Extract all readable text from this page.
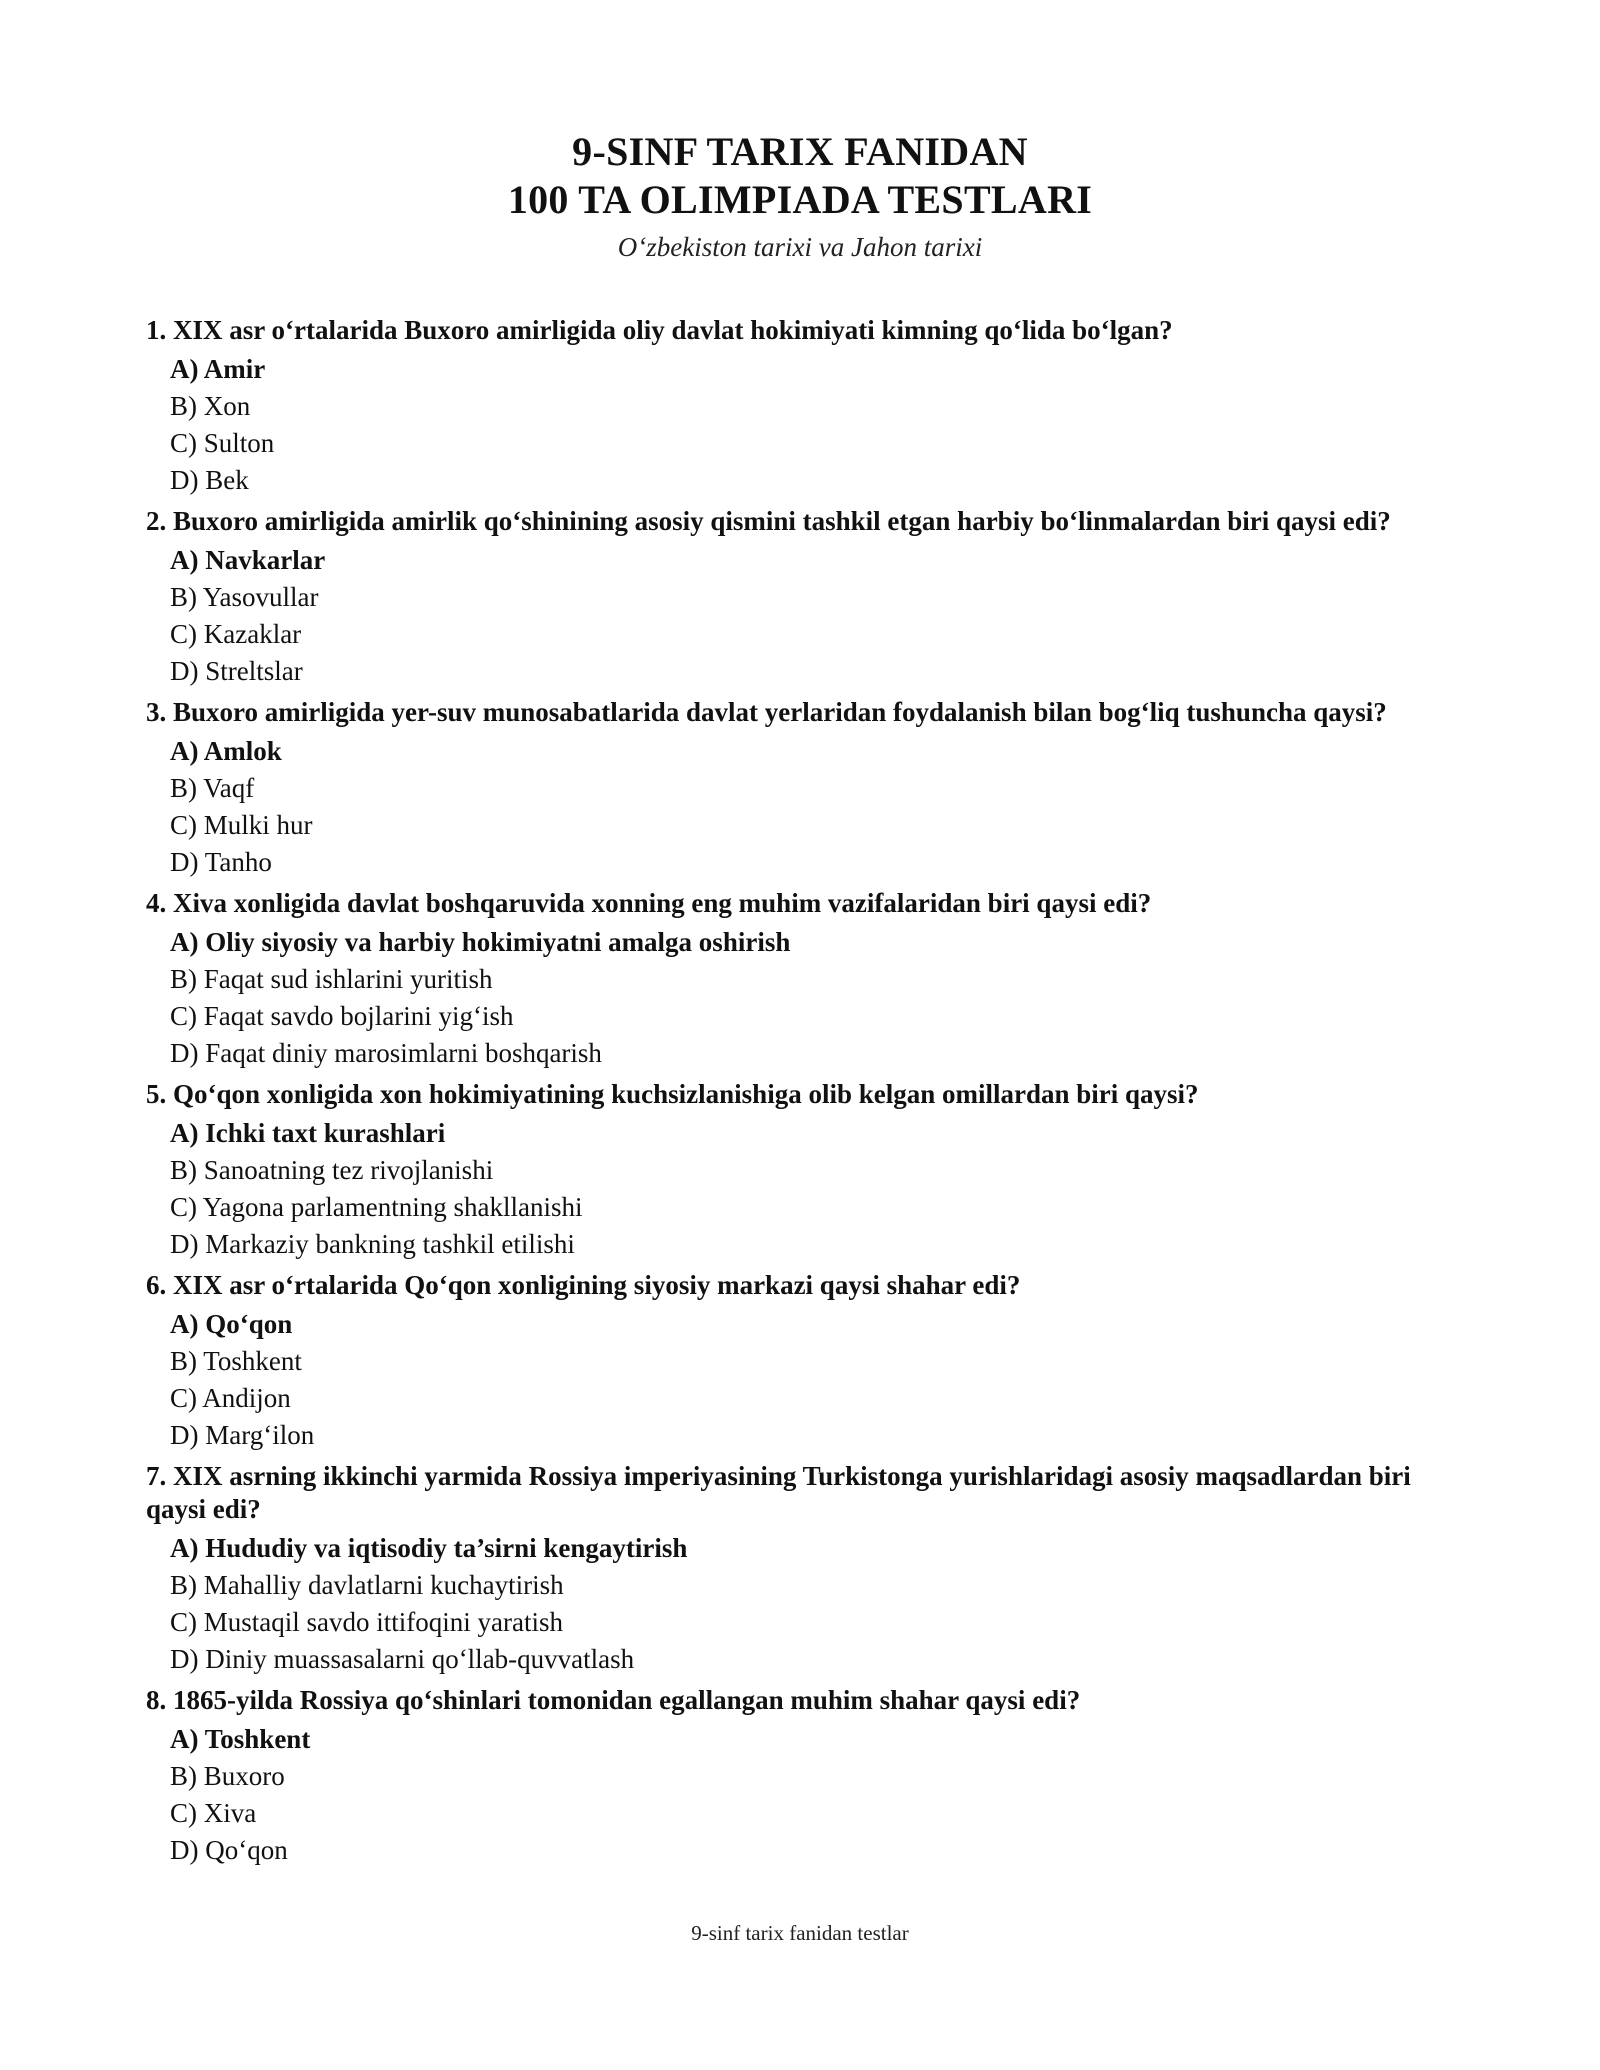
9-SINF TARIX FANIDAN
100 TA OLIMPIADA TESTLARI
O‘zbekiston tarixi va Jahon tarixi
1. XIX asr o‘rtalarida Buxoro amirligida oliy davlat hokimiyati kimning qo‘lida bo‘lgan?
A) Amir
B) Xon
C) Sulton
D) Bek
2. Buxoro amirligida amirlik qo‘shinining asosiy qismini tashkil etgan harbiy bo‘linmalardan biri qaysi edi?
A) Navkarlar
B) Yasovullar
C) Kazaklar
D) Streltslar
3. Buxoro amirligida yer-suv munosabatlarida davlat yerlaridan foydalanish bilan bog‘liq tushuncha qaysi?
A) Amlok
B) Vaqf
C) Mulki hur
D) Tanho
4. Xiva xonligida davlat boshqaruvida xonning eng muhim vazifalaridan biri qaysi edi?
A) Oliy siyosiy va harbiy hokimiyatni amalga oshirish
B) Faqat sud ishlarini yuritish
C) Faqat savdo bojlarini yig‘ish
D) Faqat diniy marosimlarni boshqarish
5. Qo‘qon xonligida xon hokimiyatining kuchsizlanishiga olib kelgan omillardan biri qaysi?
A) Ichki taxt kurashlari
B) Sanoatning tez rivojlanishi
C) Yagona parlamentning shakllanishi
D) Markaziy bankning tashkil etilishi
6. XIX asr o‘rtalarida Qo‘qon xonligining siyosiy markazi qaysi shahar edi?
A) Qo‘qon
B) Toshkent
C) Andijon
D) Marg‘ilon
7. XIX asrning ikkinchi yarmida Rossiya imperiyasining Turkistonga yurishlaridagi asosiy maqsadlardan biri qaysi edi?
A) Hududiy va iqtisodiy ta’sirni kengaytirish
B) Mahalliy davlatlarni kuchaytirish
C) Mustaqil savdo ittifoqini yaratish
D) Diniy muassasalarni qo‘llab-quvvatlash
8. 1865-yilda Rossiya qo‘shinlari tomonidan egallangan muhim shahar qaysi edi?
A) Toshkent
B) Buxoro
C) Xiva
D) Qo‘qon
9-sinf tarix fanidan testlar
